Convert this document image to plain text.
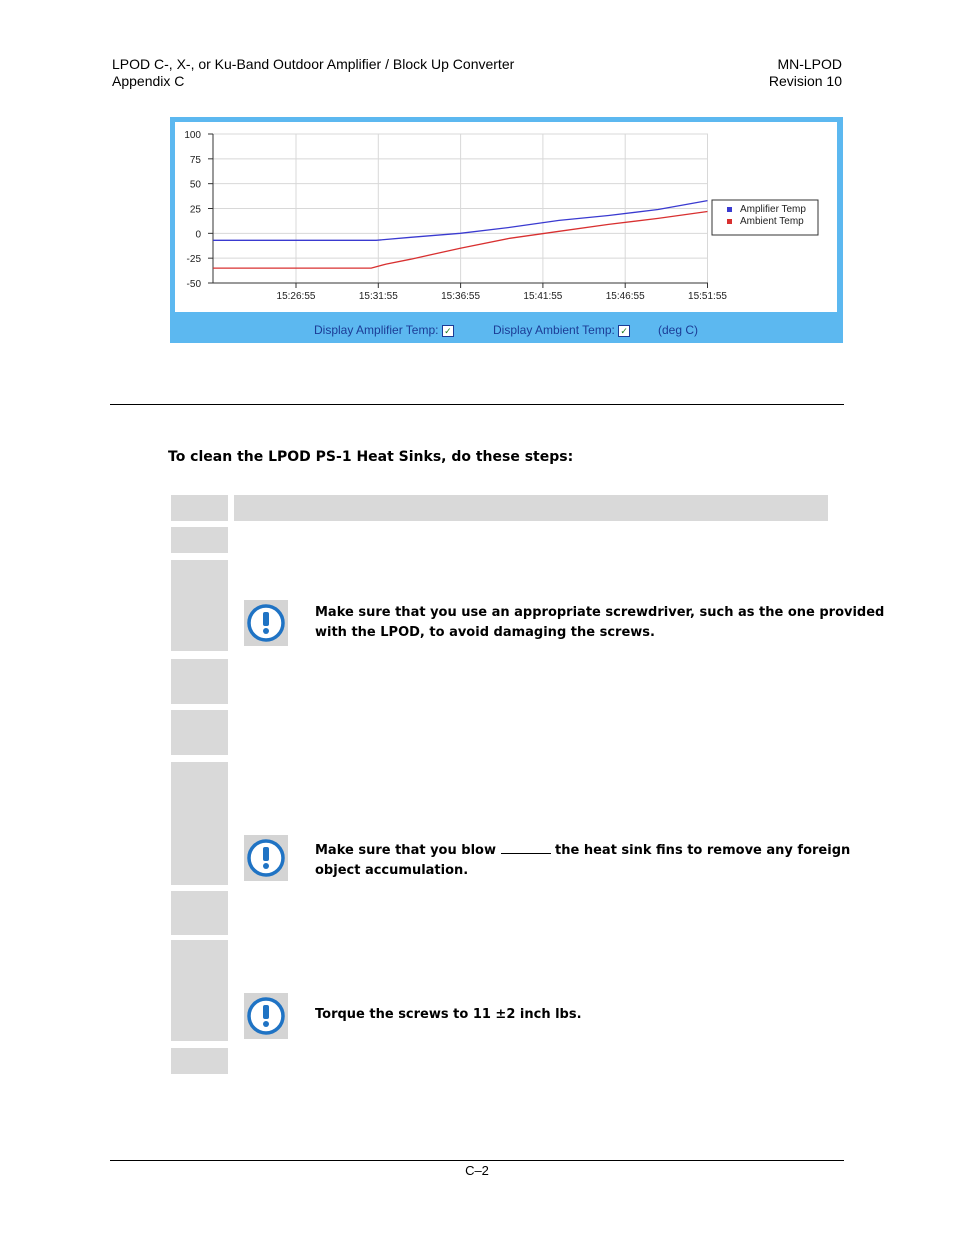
LPOD C-, X-, or Ku-Band Outdoor Amplifier / Block Up Converter
Appendix C
MN-LPOD
Revision 10
100
75
50
25
0
-25
-50
15:26:55	15:31:55	15:36:55	15:41:55	15:46:55	15:51:55
Amplifier Temp
Ambient Temp
Display Amplifier Temp: ✓	Display Ambient Temp: ✓	(deg C)
To clean the LPOD PS-1 Heat Sinks, do these steps:
Make sure that you use an appropriate screwdriver, such as the one provided
with the LPOD, to avoid damaging the screws.
Make sure that you blow	the heat sink fins to remove any foreign
object accumulation.
Torque the screws to 11 ±2 inch lbs.
C–2
